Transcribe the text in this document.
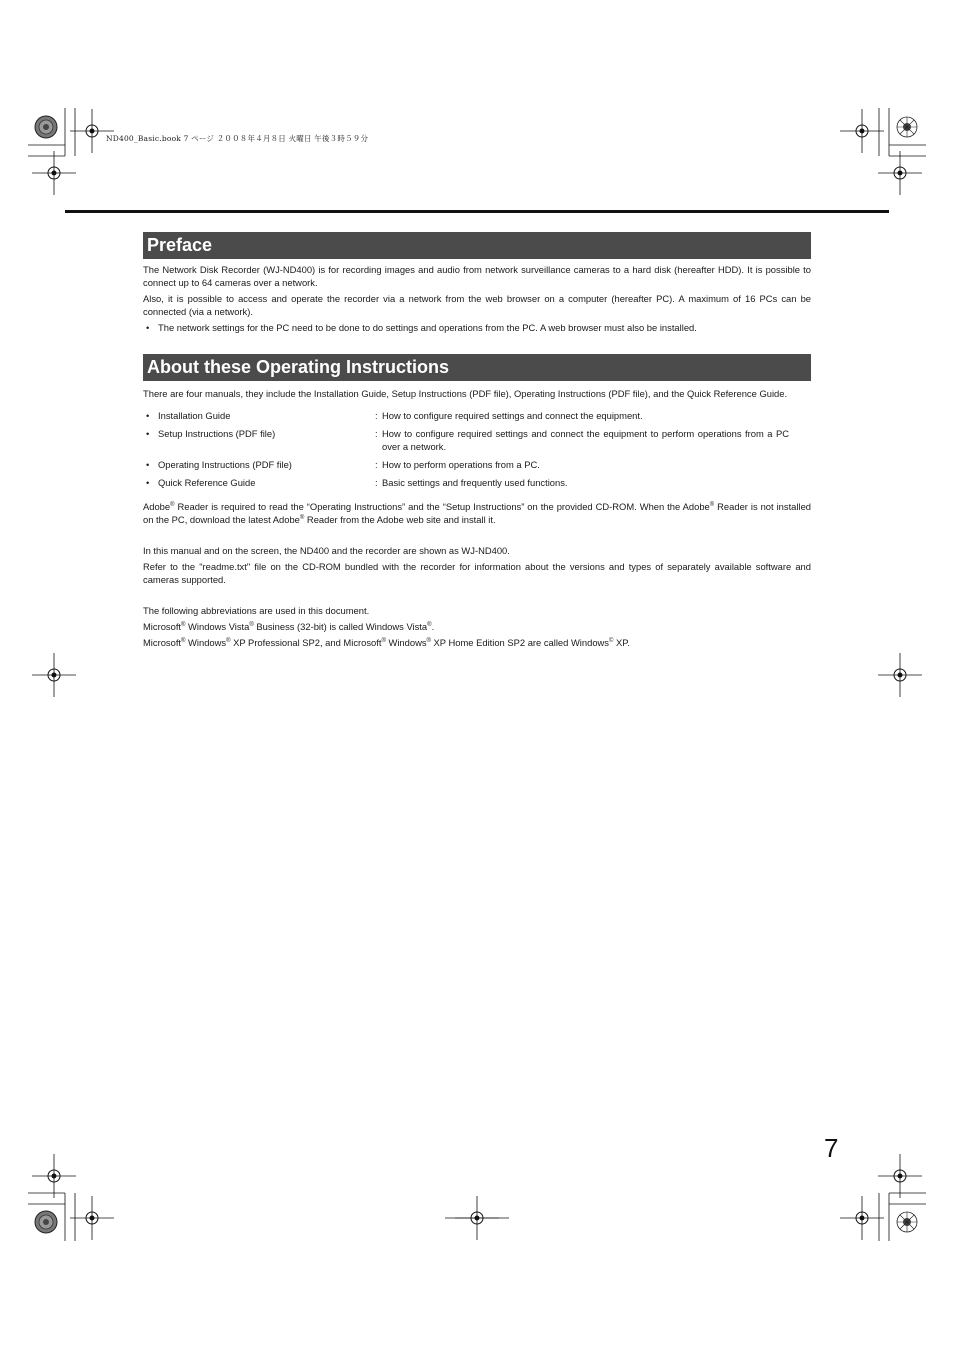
ND400_Basic.book 7 ページ ２００８年４月８日 火曜日 午後３時５９分
Preface

The Network Disk Recorder (WJ-ND400) is for recording images and audio from network surveillance cameras to a hard disk (hereafter HDD). It is possible to connect up to 64 cameras over a network.

Also, it is possible to access and operate the recorder via a network from the web browser on a computer (hereafter PC). A maximum of 16 PCs can be connected (via a network).

• The network settings for the PC need to be done to do settings and operations from the PC. A web browser must also be installed.

About these Operating Instructions

There are four manuals, they include the Installation Guide, Setup Instructions (PDF file), Operating Instructions (PDF file), and the Quick Reference Guide.

• Installation Guide	: How to configure required settings and connect the equipment.
• Setup Instructions (PDF file)	: How to configure required settings and connect the equipment to perform operations from a PC over a network.
• Operating Instructions (PDF file)	: How to perform operations from a PC.
• Quick Reference Guide	: Basic settings and frequently used functions.

Adobe® Reader is required to read the “Operating Instructions” and the “Setup Instructions” on the provided CD-ROM. When the Adobe® Reader is not installed on the PC, download the latest Adobe® Reader from the Adobe web site and install it.

In this manual and on the screen, the ND400 and the recorder are shown as WJ-ND400.

Refer to the "readme.txt" file on the CD-ROM bundled with the recorder for information about the versions and types of separately available software and cameras supported.

The following abbreviations are used in this document.

Microsoft® Windows Vista® Business (32-bit) is called Windows Vista®.

Microsoft® Windows® XP Professional SP2, and Microsoft® Windows® XP Home Edition SP2 are called Windows© XP.

7
